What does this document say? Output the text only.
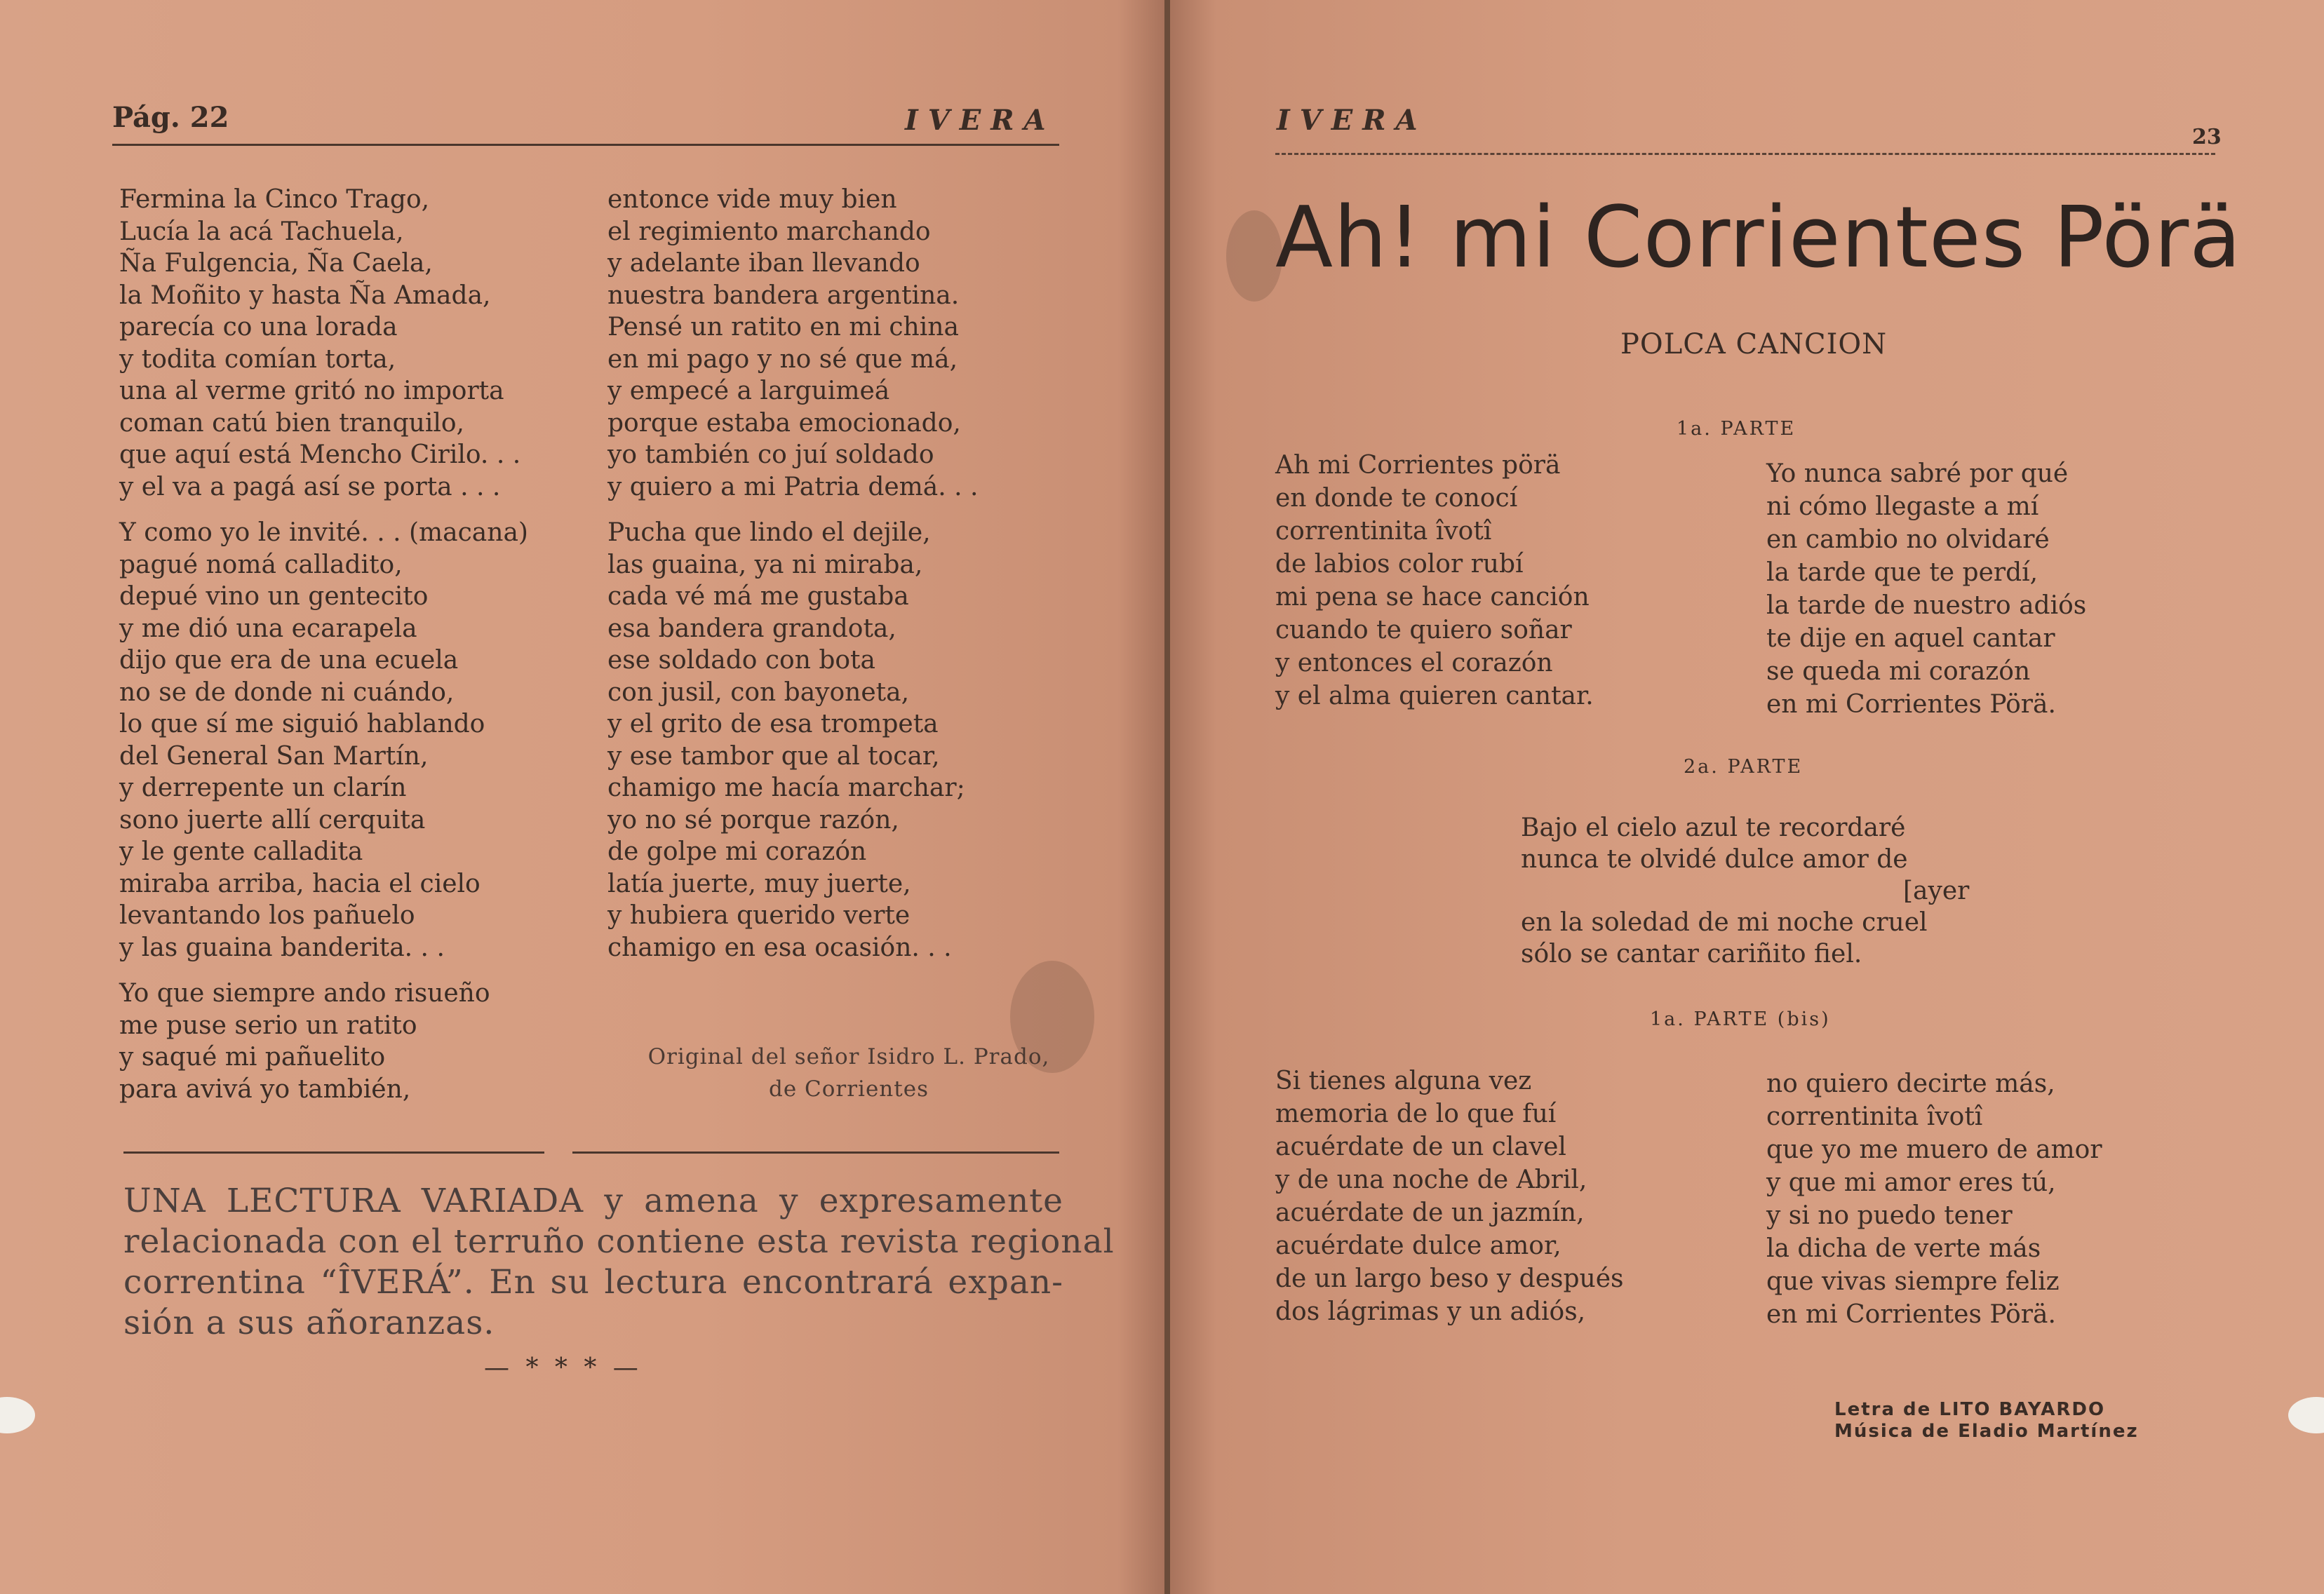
Pág. 22	IVERA
Fermina la Cinco Trago,
Lucía la acá Tachuela,
Ña Fulgencia, Ña Caela,
la Moñito y hasta Ña Amada,
parecía co una lorada
y todita comían torta,
una al verme gritó no importa
coman catú bien tranquilo,
que aquí está Mencho Cirilo. . .
y el va a pagá así se porta . . .
Y como yo le invité. . . (macana)
pagué nomá calladito,
depué vino un gentecito
y me dió una ecarapela
dijo que era de una ecuela
no se de donde ni cuándo,
lo que sí me siguió hablando
del General San Martín,
y derrepente un clarín
sono juerte allí cerquita
y le gente calladita
miraba arriba, hacia el cielo
levantando los pañuelo
y las guaina banderita. . .
Yo que siempre ando risueño
me puse serio un ratito
y saqué mi pañuelito
para avivá yo también,
entonce vide muy bien
el regimiento marchando
y adelante iban llevando
nuestra bandera argentina.
Pensé un ratito en mi china
en mi pago y no sé que má,
y empecé a larguimeá
porque estaba emocionado,
yo también co juí soldado
y quiero a mi Patria demá. . .
Pucha que lindo el dejile,
las guaina, ya ni miraba,
cada vé má me gustaba
esa bandera grandota,
ese soldado con bota
con jusil, con bayoneta,
y el grito de esa trompeta
y ese tambor que al tocar,
chamigo me hacía marchar;
yo no sé porque razón,
de golpe mi corazón
latía juerte, muy juerte,
y hubiera querido verte
chamigo en esa ocasión. . .
Original del señor Isidro L. Prado,
de Corrientes
UNA LECTURA VARIADA y amena y expresamente
relacionada con el terruño contiene esta revista regional
correntina “ÎVERÁ”. En su lectura encontrará expan-
sión a sus añoranzas.
— * * * —
IVERA
23
Ah! mi Corrientes Pörä
POLCA CANCION
1a. PARTE
Ah mi Corrientes pörä
en donde te conocí
correntinita îvotî
de labios color rubí
mi pena se hace canción
cuando te quiero soñar
y entonces el corazón
y el alma quieren cantar.
Yo nunca sabré por qué
ni cómo llegaste a mí
en cambio no olvidaré
la tarde que te perdí,
la tarde de nuestro adiós
te dije en aquel cantar
se queda mi corazón
en mi Corrientes Pörä.
2a. PARTE
Bajo el cielo azul te recordaré
nunca te olvidé dulce amor de
[ayer
en la soledad de mi noche cruel
sólo se cantar cariñito fiel.
1a. PARTE (bis)
Si tienes alguna vez
memoria de lo que fuí
acuérdate de un clavel
y de una noche de Abril,
acuérdate de un jazmín,
acuérdate dulce amor,
de un largo beso y después
dos lágrimas y un adiós,
no quiero decirte más,
correntinita îvotî
que yo me muero de amor
y que mi amor eres tú,
y si no puedo tener
la dicha de verte más
que vivas siempre feliz
en mi Corrientes Pörä.
Letra de LITO BAYARDO
Música de Eladio Martínez
